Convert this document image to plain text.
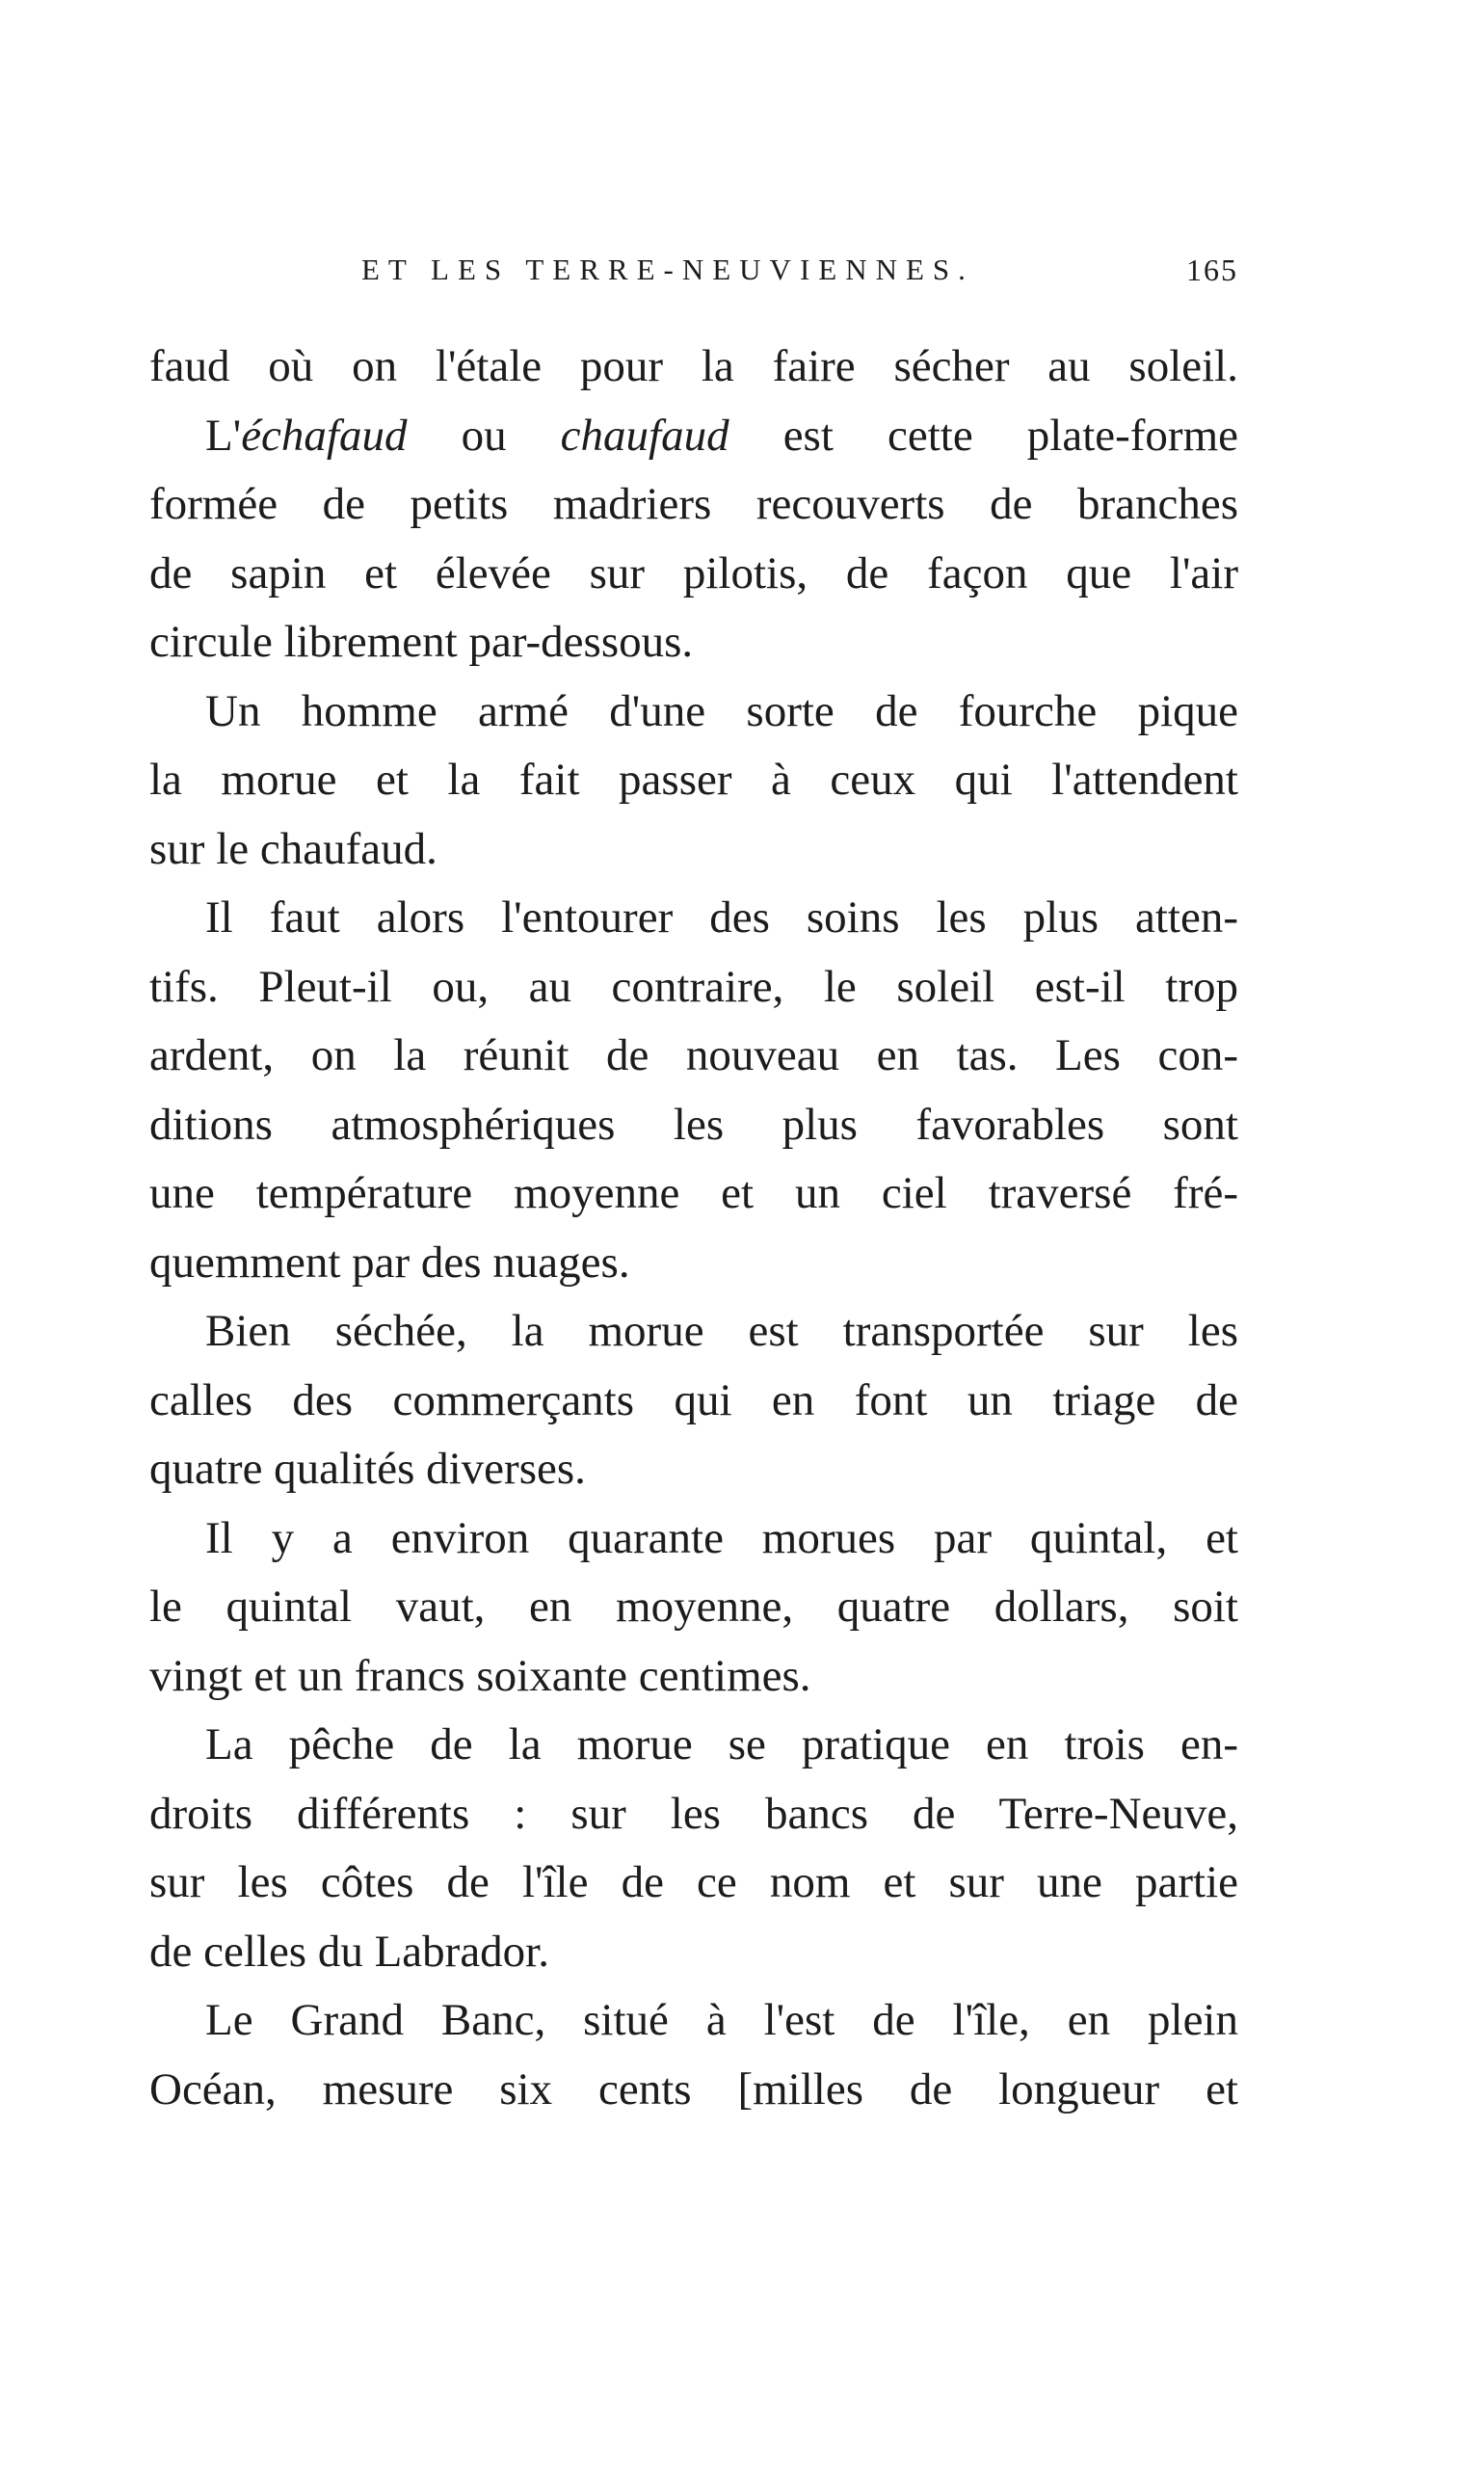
ET LES TERRE-NEUVIENNES.	165
faud où on l'étale pour la faire sécher au soleil.
L'échafaud ou chaufaud est cette plate-forme
formée de petits madriers recouverts de branches
de sapin et élevée sur pilotis, de façon que l'air
circule librement par-dessous.
Un homme armé d'une sorte de fourche pique
la morue et la fait passer à ceux qui l'attendent
sur le chaufaud.
Il faut alors l'entourer des soins les plus atten-
tifs. Pleut-il ou, au contraire, le soleil est-il trop
ardent, on la réunit de nouveau en tas. Les con-
ditions atmosphériques les plus favorables sont
une température moyenne et un ciel traversé fré-
quemment par des nuages.
Bien séchée, la morue est transportée sur les
calles des commerçants qui en font un triage de
quatre qualités diverses.
Il y a environ quarante morues par quintal, et
le quintal vaut, en moyenne, quatre dollars, soit
vingt et un francs soixante centimes.
La pêche de la morue se pratique en trois en-
droits différents : sur les bancs de Terre-Neuve,
sur les côtes de l'île de ce nom et sur une partie
de celles du Labrador.
Le Grand Banc, situé à l'est de l'île, en plein
Océan, mesure six cents [milles de longueur et
